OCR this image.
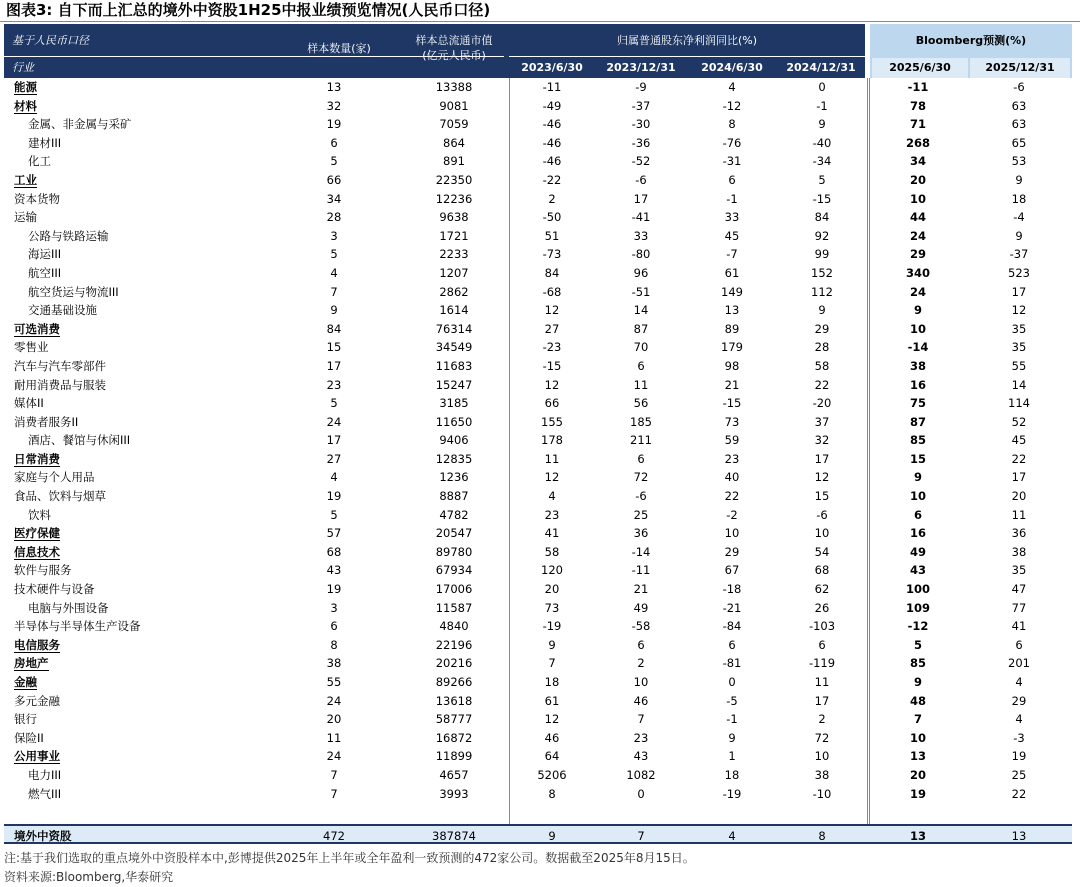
图表3: 自下而上汇总的境外中资股1H25中报业绩预览情况(人民币口径)
基于人民币口径
行业
样本数量(家)
样本总流通市值
(亿元人民币)
归属普通股东净利润同比(%)	Bloomberg预测(%)
2023/6/30	2023/12/31	2024/6/30	2024/12/31	2025/6/30	2025/12/31
能源	13	13388	-11	-9	4	0	-11	-6
材料	32	9081	-49	-37	-12	-1	78	63
金属、非金属与采矿	19	7059	-46	-30	8	9	71	63
建材III	6	864	-46	-36	-76	-40	268	65
化工	5	891	-46	-52	-31	-34	34	53
工业	66	22350	-22	-6	6	5	20	9
资本货物	34	12236	2	17	-1	-15	10	18
运输	28	9638	-50	-41	33	84	44	-4
公路与铁路运输	3	1721	51	33	45	92	24	9
海运III	5	2233	-73	-80	-7	99	29	-37
航空III	4	1207	84	96	61	152	340	523
航空货运与物流III	7	2862	-68	-51	149	112	24	17
交通基础设施	9	1614	12	14	13	9	9	12
可选消费	84	76314	27	87	89	29	10	35
零售业	15	34549	-23	70	179	28	-14	35
汽车与汽车零部件	17	11683	-15	6	98	58	38	55
耐用消费品与服装	23	15247	12	11	21	22	16	14
媒体II	5	3185	66	56	-15	-20	75	114
消费者服务II	24	11650	155	185	73	37	87	52
酒店、餐馆与休闲III	17	9406	178	211	59	32	85	45
日常消费	27	12835	11	6	23	17	15	22
家庭与个人用品	4	1236	12	72	40	12	9	17
食品、饮料与烟草	19	8887	4	-6	22	15	10	20
饮料	5	4782	23	25	-2	-6	6	11
医疗保健	57	20547	41	36	10	10	16	36
信息技术	68	89780	58	-14	29	54	49	38
软件与服务	43	67934	120	-11	67	68	43	35
技术硬件与设备	19	17006	20	21	-18	62	100	47
电脑与外围设备	3	11587	73	49	-21	26	109	77
半导体与半导体生产设备	6	4840	-19	-58	-84	-103	-12	41
电信服务	8	22196	9	6	6	6	5	6
房地产	38	20216	7	2	-81	-119	85	201
金融	55	89266	18	10	0	11	9	4
多元金融	24	13618	61	46	-5	17	48	29
银行	20	58777	12	7	-1	2	7	4
保险II	11	16872	46	23	9	72	10	-3
公用事业	24	11899	64	43	1	10	13	19
电力III	7	4657	5206	1082	18	38	20	25
燃气III	7	3993	8	0	-19	-10	19	22
境外中资股	472	387874	9	7	4	8	13	13
注:基于我们选取的重点境外中资股样本中,彭博提供2025年上半年或全年盈利一致预测的472家公司。数据截至2025年8月15日。
资料来源:Bloomberg,华泰研究
